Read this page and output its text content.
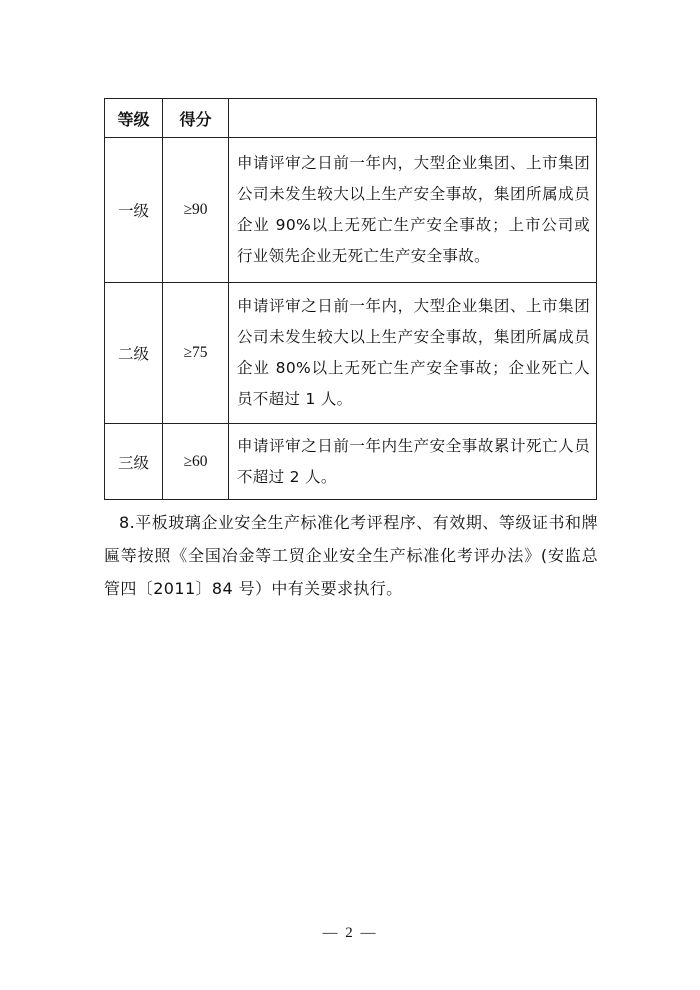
等级	得分	
一级	≥90	申请评审之日前一年内，大型企业集团、上市集团公司未发生较大以上生产安全事故，集团所属成员企业 90%以上无死亡生产安全事故；上市公司或行业领先企业无死亡生产安全事故。
二级	≥75	申请评审之日前一年内，大型企业集团、上市集团公司未发生较大以上生产安全事故，集团所属成员企业 80%以上无死亡生产安全事故；企业死亡人员不超过 1 人。
三级	≥60	申请评审之日前一年内生产安全事故累计死亡人员不超过 2 人。

8.平板玻璃企业安全生产标准化考评程序、有效期、等级证书和牌匾等按照《全国冶金等工贸企业安全生产标准化考评办法》(安监总管四〔2011〕84 号）中有关要求执行。

— 2 —
